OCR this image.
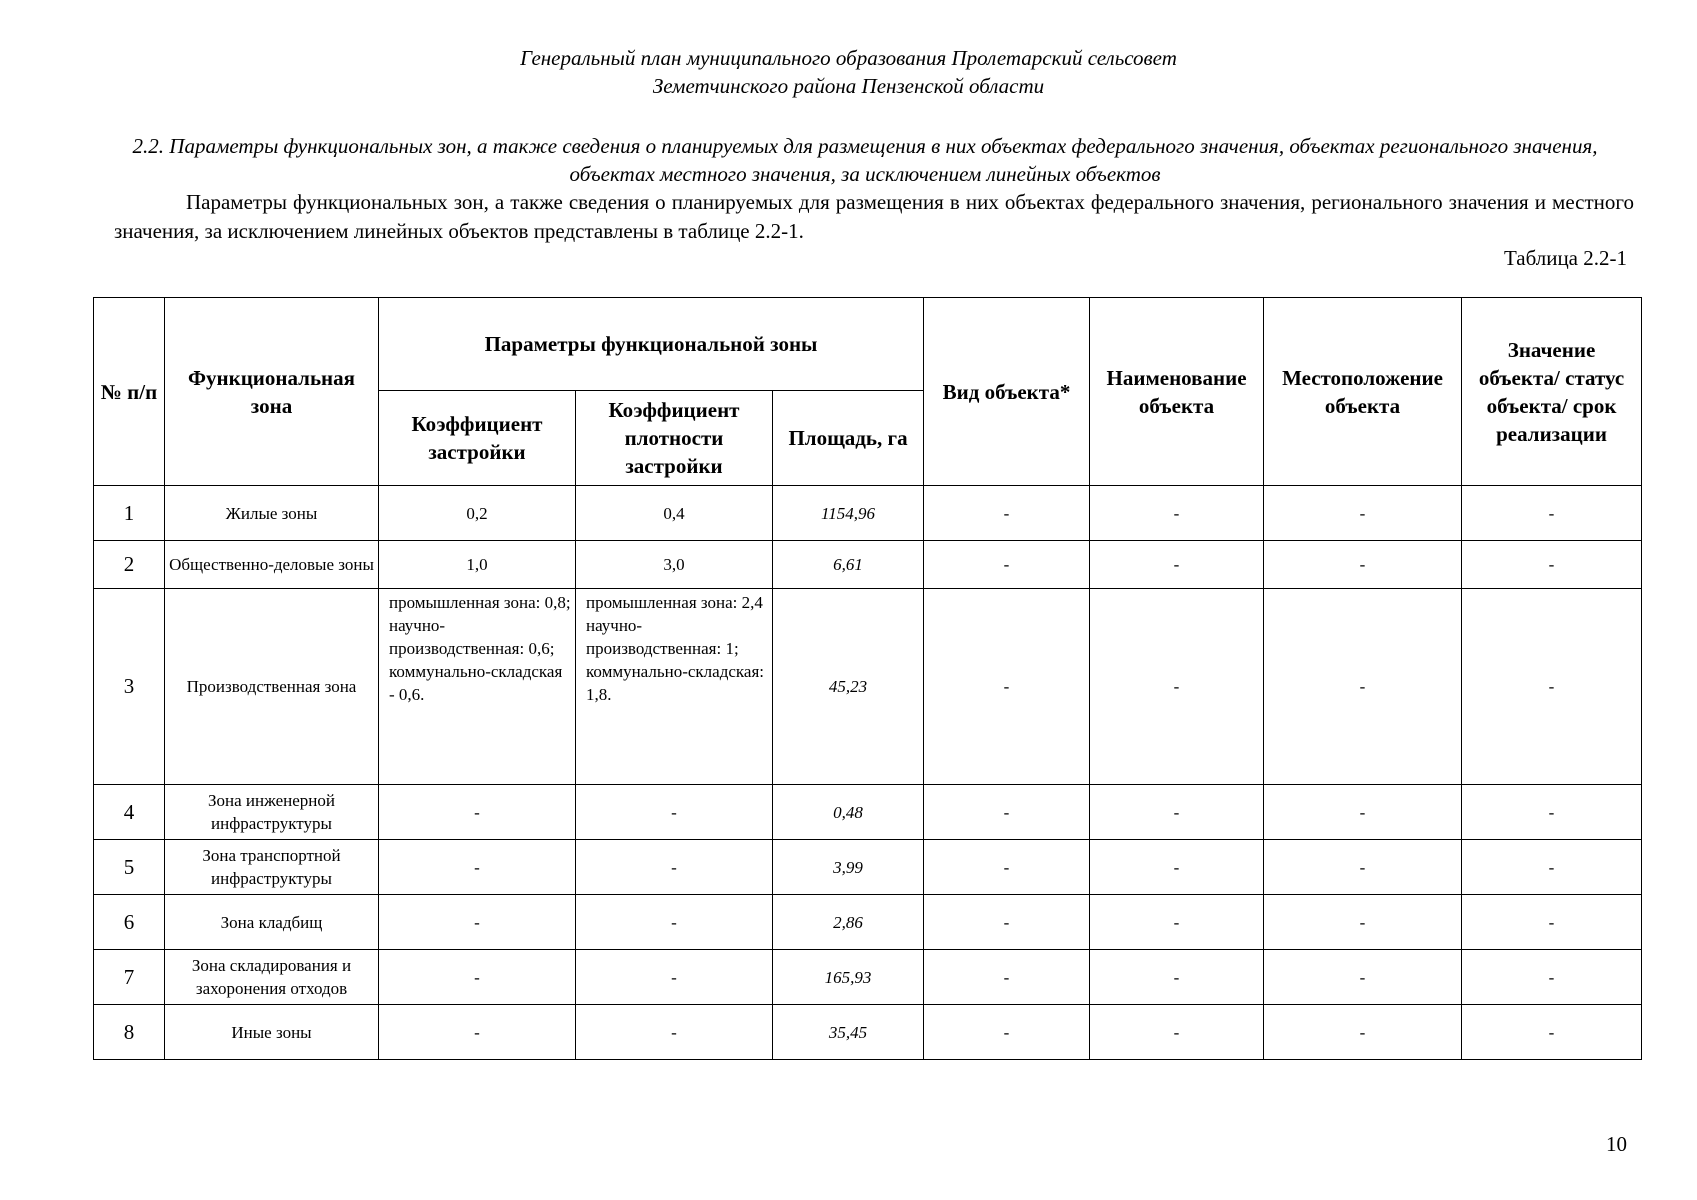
Генеральный план муниципального образования Пролетарский сельсовет
Земетчинского района Пензенской области
2.2. Параметры функциональных зон, а также сведения о планируемых для размещения в них объектах федерального значения, объектах регионального значения, объектах местного значения, за исключением линейных объектов
Параметры функциональных зон, а также сведения о планируемых для размещения в них объектах федерального значения, регионального значения и местного значения, за исключением линейных объектов представлены в таблице 2.2-1.
Таблица 2.2-1
№ п/п	Функциональная зона	Параметры функциональной зоны			Вид объекта*	Наименование объекта	Местоположение объекта	Значение объекта/ статус объекта/ срок реализации
		Коэффициент застройки	Коэффициент плотности застройки	Площадь, га				
1	Жилые зоны	0,2	0,4	1154,96	-	-	-	-
2	Общественно-деловые зоны	1,0	3,0	6,61	-	-	-	-
3	Производственная зона	промышленная зона: 0,8; научно-производственная: 0,6; коммунально-складская - 0,6.	промышленная зона: 2,4 научно-производственная: 1; коммунально-складская: 1,8.	45,23	-	-	-	-
4	Зона инженерной инфраструктуры	-	-	0,48	-	-	-	-
5	Зона транспортной инфраструктуры	-	-	3,99	-	-	-	-
6	Зона кладбищ	-	-	2,86	-	-	-	-
7	Зона складирования и захоронения отходов	-	-	165,93	-	-	-	-
8	Иные зоны	-	-	35,45	-	-	-	-
10
